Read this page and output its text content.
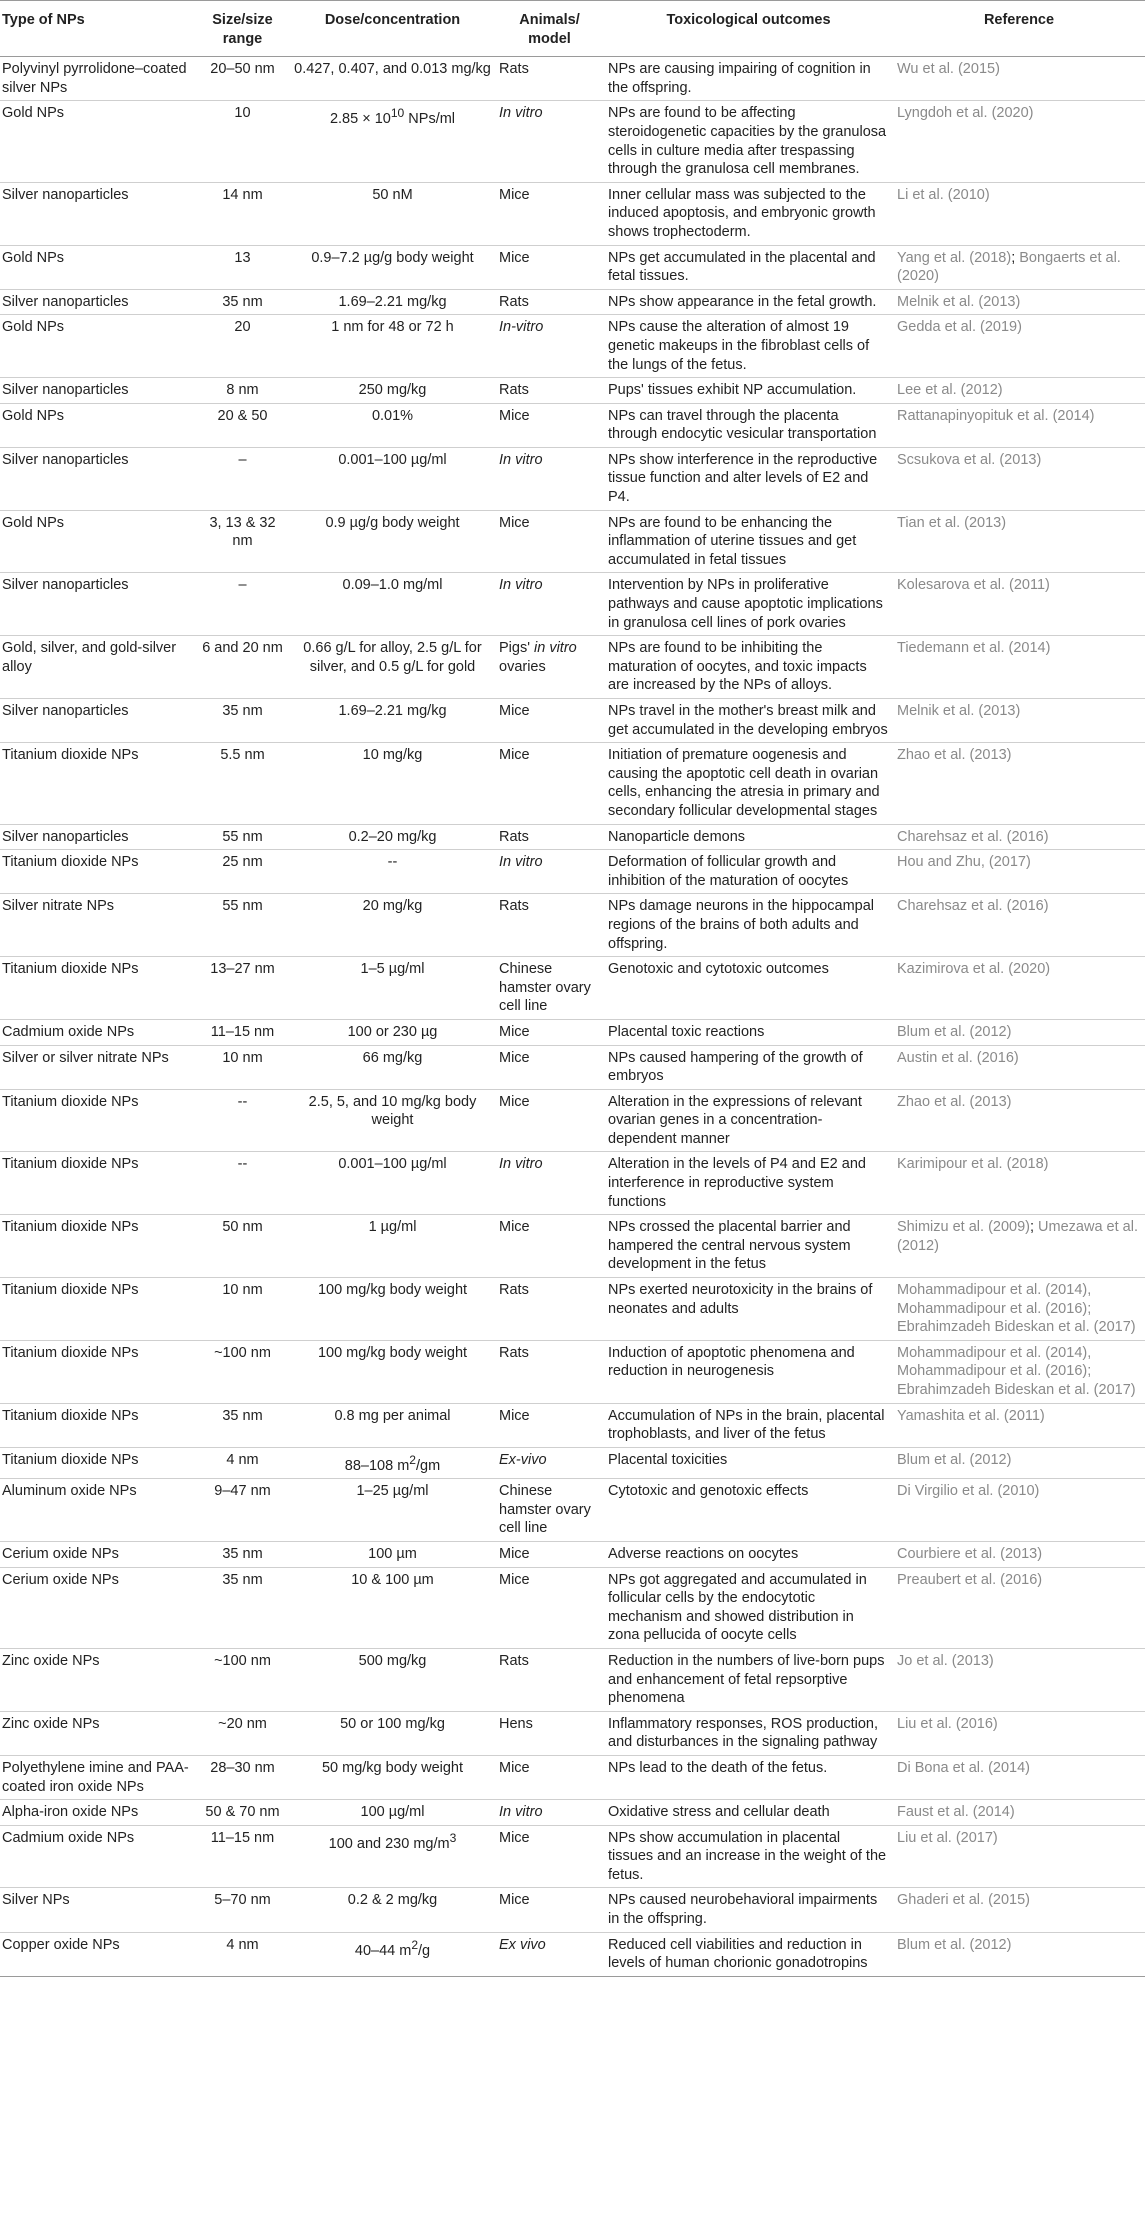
Type of NPs	Size/size range	Dose/concentration	Animals/ model	Toxicological outcomes	Reference
Polyvinyl pyrrolidone–coated silver NPs	20–50 nm	0.427, 0.407, and 0.013 mg/kg	Rats	NPs are causing impairing of cognition in the offspring.	Wu et al. (2015)
Gold NPs	10	$2.85 \times 10^{10}$ NPs/ml	In vitro	NPs are found to be affecting steroidogenetic capacities by the granulosa cells in culture media after trespassing through the granulosa cell membranes.	Lyngdoh et al. (2020)
Silver nanoparticles	14 nm	50 nM	Mice	Inner cellular mass was subjected to the induced apoptosis, and embryonic growth shows trophectoderm.	Li et al. (2010)
Gold NPs	13	0.9–7.2 µg/g body weight	Mice	NPs get accumulated in the placental and fetal tissues.	Yang et al. (2018); Bongaerts et al. (2020)
Silver nanoparticles	35 nm	1.69–2.21 mg/kg	Rats	NPs show appearance in the fetal growth.	Melnik et al. (2013)
Gold NPs	20	1 nm for 48 or 72 h	In-vitro	NPs cause the alteration of almost 19 genetic makeups in the fibroblast cells of the lungs of the fetus.	Gedda et al. (2019)
Silver nanoparticles	8 nm	250 mg/kg	Rats	Pups' tissues exhibit NP accumulation.	Lee et al. (2012)
Gold NPs	20 & 50	0.01%	Mice	NPs can travel through the placenta through endocytic vesicular transportation	Rattanapinyopituk et al. (2014)
Silver nanoparticles	–	0.001–100 µg/ml	In vitro	NPs show interference in the reproductive tissue function and alter levels of E2 and P4.	Scsukova et al. (2013)
Gold NPs	3, 13 & 32 nm	0.9 µg/g body weight	Mice	NPs are found to be enhancing the inflammation of uterine tissues and get accumulated in fetal tissues	Tian et al. (2013)
Silver nanoparticles	–	0.09–1.0 mg/ml	In vitro	Intervention by NPs in proliferative pathways and cause apoptotic implications in granulosa cell lines of pork ovaries	Kolesarova et al. (2011)
Gold, silver, and gold-silver alloy	6 and 20 nm	0.66 g/L for alloy, 2.5 g/L for silver, and 0.5 g/L for gold	Pigs' in vitro ovaries	NPs are found to be inhibiting the maturation of oocytes, and toxic impacts are increased by the NPs of alloys.	Tiedemann et al. (2014)
Silver nanoparticles	35 nm	1.69–2.21 mg/kg	Mice	NPs travel in the mother's breast milk and get accumulated in the developing embryos	Melnik et al. (2013)
Titanium dioxide NPs	5.5 nm	10 mg/kg	Mice	Initiation of premature oogenesis and causing the apoptotic cell death in ovarian cells, enhancing the atresia in primary and secondary follicular developmental stages	Zhao et al. (2013)
Silver nanoparticles	55 nm	0.2–20 mg/kg	Rats	Nanoparticle demons	Charehsaz et al. (2016)
Titanium dioxide NPs	25 nm	--	In vitro	Deformation of follicular growth and inhibition of the maturation of oocytes	Hou and Zhu, (2017)
Silver nitrate NPs	55 nm	20 mg/kg	Rats	NPs damage neurons in the hippocampal regions of the brains of both adults and offspring.	Charehsaz et al. (2016)
Titanium dioxide NPs	13–27 nm	1–5 µg/ml	Chinese hamster ovary cell line	Genotoxic and cytotoxic outcomes	Kazimirova et al. (2020)
Cadmium oxide NPs	11–15 nm	100 or 230 µg	Mice	Placental toxic reactions	Blum et al. (2012)
Silver or silver nitrate NPs	10 nm	66 mg/kg	Mice	NPs caused hampering of the growth of embryos	Austin et al. (2016)
Titanium dioxide NPs	--	2.5, 5, and 10 mg/kg body weight	Mice	Alteration in the expressions of relevant ovarian genes in a concentration-dependent manner	Zhao et al. (2013)
Titanium dioxide NPs	--	0.001–100 µg/ml	In vitro	Alteration in the levels of P4 and E2 and interference in reproductive system functions	Karimipour et al. (2018)
Titanium dioxide NPs	50 nm	1 µg/ml	Mice	NPs crossed the placental barrier and hampered the central nervous system development in the fetus	Shimizu et al. (2009); Umezawa et al. (2012)
Titanium dioxide NPs	10 nm	100 mg/kg body weight	Rats	NPs exerted neurotoxicity in the brains of neonates and adults	Mohammadipour et al. (2014),
Mohammadipour et al. (2016);
Ebrahimzadeh Bideskan et al. (2017)
Titanium dioxide NPs	~100 nm	100 mg/kg body weight	Rats	Induction of apoptotic phenomena and reduction in neurogenesis	Mohammadipour et al. (2014),
Mohammadipour et al. (2016);
Ebrahimzadeh Bideskan et al. (2017)
Titanium dioxide NPs	35 nm	0.8 mg per animal	Mice	Accumulation of NPs in the brain, placental trophoblasts, and liver of the fetus	Yamashita et al. (2011)
Titanium dioxide NPs	4 nm	88–108 $m^2/gm$	Ex-vivo	Placental toxicities	Blum et al. (2012)
Aluminum oxide NPs	9–47 nm	1–25 µg/ml	Chinese hamster ovary cell line	Cytotoxic and genotoxic effects	Di Virgilio et al. (2010)
Cerium oxide NPs	35 nm	100 µm	Mice	Adverse reactions on oocytes	Courbiere et al. (2013)
Cerium oxide NPs	35 nm	10 & 100 µm	Mice	NPs got aggregated and accumulated in follicular cells by the endocytotic mechanism and showed distribution in zona pellucida of oocyte cells	Preaubert et al. (2016)
Zinc oxide NPs	~100 nm	500 mg/kg	Rats	Reduction in the numbers of live-born pups and enhancement of fetal repsorptive phenomena	Jo et al. (2013)
Zinc oxide NPs	~20 nm	50 or 100 mg/kg	Hens	Inflammatory responses, ROS production, and disturbances in the signaling pathway	Liu et al. (2016)
Polyethylene imine and PAA-coated iron oxide NPs	28–30 nm	50 mg/kg body weight	Mice	NPs lead to the death of the fetus.	Di Bona et al. (2014)
Alpha-iron oxide NPs	50 & 70 nm	100 µg/ml	In vitro	Oxidative stress and cellular death	Faust et al. (2014)
Cadmium oxide NPs	11–15 nm	100 and 230 $mg/m^3$	Mice	NPs show accumulation in placental tissues and an increase in the weight of the fetus.	Liu et al. (2017)
Silver NPs	5–70 nm	0.2 & 2 mg/kg	Mice	NPs caused neurobehavioral impairments in the offspring.	Ghaderi et al. (2015)
Copper oxide NPs	4 nm	40–44 $m^2/g$	Ex vivo	Reduced cell viabilities and reduction in levels of human chorionic gonadotropins	Blum et al. (2012)
